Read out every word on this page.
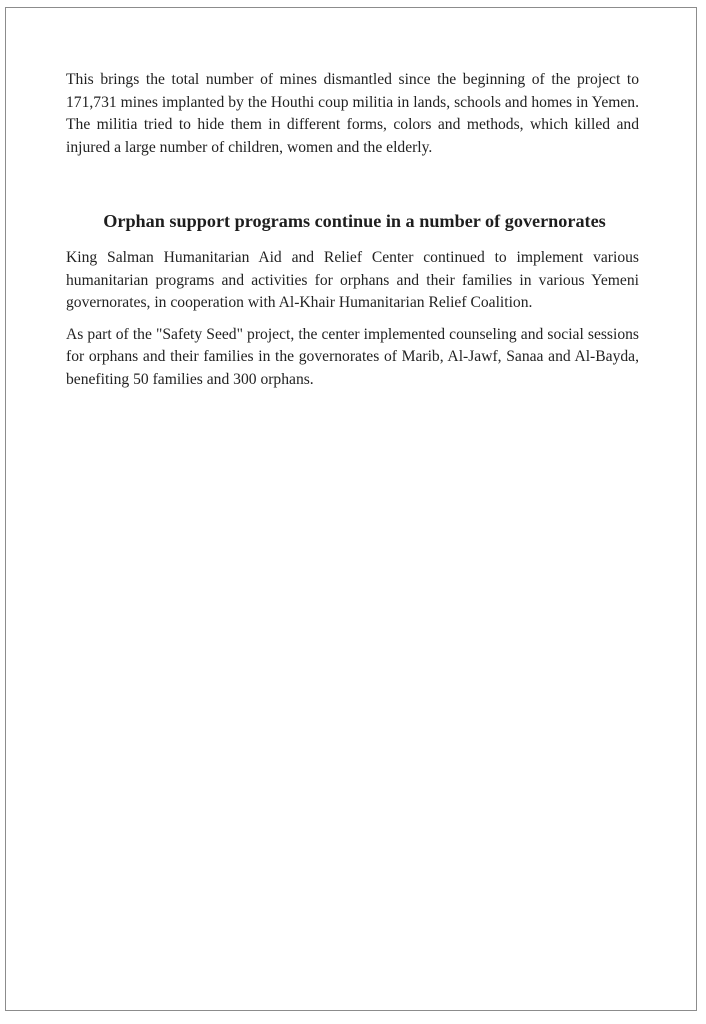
This brings the total number of mines dismantled since the beginning of the project to 171,731 mines implanted by the Houthi coup militia in lands, schools and homes in Yemen. The militia tried to hide them in different forms, colors and methods, which killed and injured a large number of children, women and the elderly.

Orphan support programs continue in a number of governorates

King Salman Humanitarian Aid and Relief Center continued to implement various humanitarian programs and activities for orphans and their families in various Yemeni governorates, in cooperation with Al-Khair Humanitarian Relief Coalition.

As part of the "Safety Seed" project, the center implemented counseling and social sessions for orphans and their families in the governorates of Marib, Al-Jawf, Sanaa and Al-Bayda, benefiting 50 families and 300 orphans.
